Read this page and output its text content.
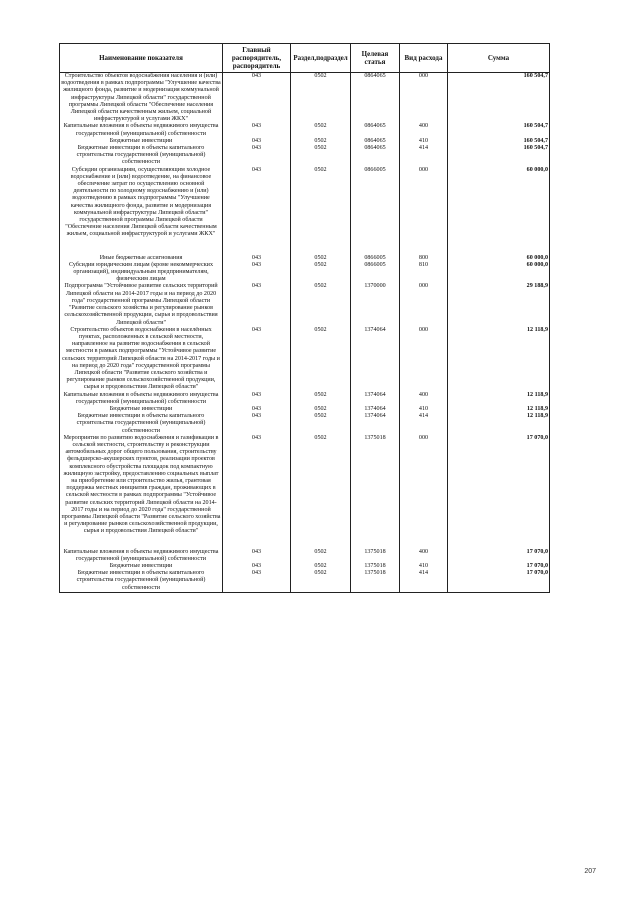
Наименование показателя	Главный распорядитель, распорядитель	Раздел,подраздел	Целевая статья	Вид расхода	Сумма
Строительство объектов водоснабжения населения и (или) водоотведения в рамках подпрограммы "Улучшение качества жилищного фонда, развитие и модернизация коммунальной инфраструктуры Липецкой области" государственной программы Липецкой области "Обеспечение населения Липецкой области качественным жильем, социальной инфраструктурой и услугами ЖКХ"	043	0502	0864065	000	160 504,7
Капитальные вложения в объекты недвижимого имущества государственной (муниципальной) собственности	043	0502	0864065	400	160 504,7
Бюджетные инвестиции	043	0502	0864065	410	160 504,7
Бюджетные инвестиции в объекты капитального строительства государственной (муниципальной) собственности	043	0502	0864065	414	160 504,7
Субсидии организациям, осуществляющим холодное водоснабжение и (или) водоотведение, на финансовое обеспечение затрат по осуществлению основной деятельности по холодному водоснабжению и (или) водоотведению в рамках подпрограммы "Улучшение качества жилищного фонда, развитие и модернизация коммунальной инфраструктуры Липецкой области" государственной программы Липецкой области "Обеспечение населения Липецкой области качественным жильем, социальной инфраструктурой и услугами ЖКХ"	043	0502	0866005	000	60 000,0
Иные бюджетные ассигнования	043	0502	0866005	800	60 000,0
Субсидии юридическим лицам (кроме некоммерческих организаций), индивидуальным предпринимателям, физическим лицам	043	0502	0866005	810	60 000,0
Подпрограмма "Устойчивое развитие сельских территорий Липецкой области на 2014-2017 годы и на период до 2020 года" государственной программы Липецкой области "Развитие сельского хозяйства и регулирование рынков сельскохозяйственной продукции, сырья и продовольствия Липецкой области"	043	0502	1370000	000	29 188,9
Строительство объектов водоснабжения в населённых пунктах, расположенных в сельской местности, направленное на развитие водоснабжения в сельской местности в рамках подпрограммы "Устойчивое развитие сельских территорий Липецкой области на 2014-2017 годы и на период до 2020 года" государственной программы Липецкой области "Развитие сельского хозяйства и регулирование рынков сельскохозяйственной продукции, сырья и продовольствия Липецкой области"	043	0502	1374064	000	12 118,9
Капитальные вложения в объекты недвижимого имущества государственной (муниципальной) собственности	043	0502	1374064	400	12 118,9
Бюджетные инвестиции	043	0502	1374064	410	12 118,9
Бюджетные инвестиции в объекты капитального строительства государственной (муниципальной) собственности	043	0502	1374064	414	12 118,9
Мероприятия по развитию водоснабжения и газификации в сельской местности, строительству и реконструкции автомобильных дорог общего пользования, строительству фельдшерско-акушерских пунктов, реализации проектов комплексного обустройства площадок под компактную жилищную застройку, предоставлению социальных выплат на приобретение или строительство жилья, грантовая поддержка местных инициатив граждан, проживающих в сельской местности в рамках подпрограммы "Устойчивое развитие сельских территорий Липецкой области на 2014-2017 годы и на период до 2020 года" государственной программы Липецкой области "Развитие сельского хозяйства и регулирование рынков сельскохозяйственной продукции, сырья и продовольствия Липецкой области"	043	0502	1375018	000	17 070,0
Капитальные вложения в объекты недвижимого имущества государственной (муниципальной) собственности	043	0502	1375018	400	17 070,0
Бюджетные инвестиции	043	0502	1375018	410	17 070,0
Бюджетные инвестиции в объекты капитального строительства государственной (муниципальной) собственности	043	0502	1375018	414	17 070,0
207
